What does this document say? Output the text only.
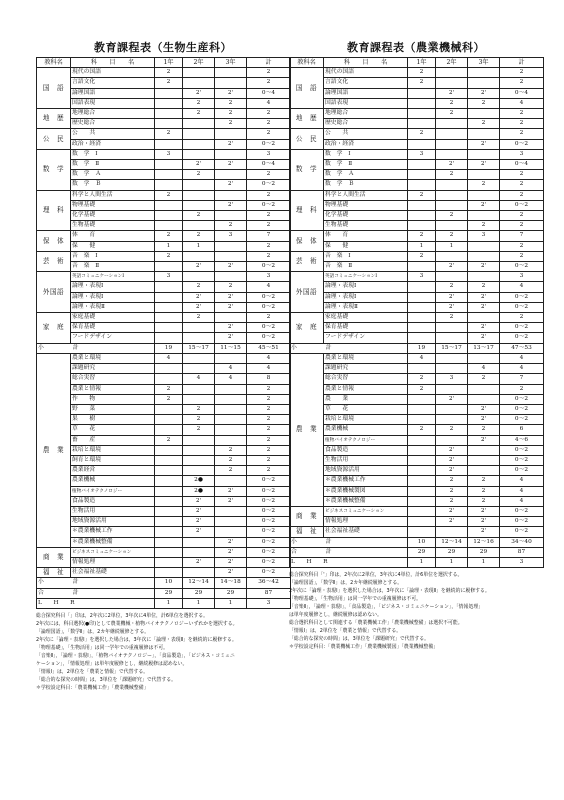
教育課程表（生物生産科）
教科名	科　　目　　名	1年	2年	3年	計
国　語	現代の国語	2			2
	言語文化	2			2
	論理国語		2'	2'	0～4
	国語表現		2	2	4
地　歴	地理総合		2	2	2
	歴史総合			2	2
公　民	公　　共	2			2
	政治・経済			2'	0～2
数　学	数　学　Ⅰ	3			3
	数　学　Ⅱ		2'	2'	0～4
	数　学　Ａ		2		2
	数　学　Ｂ			2'	0～2
理　科	科学と人間生活	2			2
	物理基礎			2'	0～2
	化学基礎		2		2
	生物基礎			2	2
保　体	体　　育	2	2	3	7
	保　　健	1	1		2
芸　術	音　楽　Ⅰ	2			2
	音　楽　Ⅱ		2'	2'	0～2
外国語	英語コミュニケーションⅠ	3			3
	論理・表現Ⅰ		2	2	4
	論理・表現Ⅰ		2'	2'	0～2
	論理・表現Ⅱ		2'	2'	0～2
家　庭	家庭基礎		2		2
	保育基礎			2'	0～2
	フードデザイン			2'	0～2
小　　　　　計		19	15～17	11～15	45～51
農　業	農業と環境	4			4
	課題研究			4	4
	総合実習		4	4	8
	農業と情報	2			2
	作　　物	2			2
	野　　菜		2		2
	果　　樹		2		2
	草　　花		2		2
	畜　　産	2			2
	栽培と環境			2	2
	飼育と環境			2	2
	農業経営			2	2
	農業機械		2●		0～2
	植物バイオテクノロジー		2●	2'	0～2
	食品製造		2'	2'	0～2
	生物活用		2'		0～2
	地域資源活用		2'		0～2
	＊農業機械工作		2'		0～2
	＊農業機械整備			2'	0～2
商　業	ビジネスコミュニケーション			2'	0～2
	情報処理		2'	2'	0～2
福　祉	社会福祉基礎			2'	0～2
小　　　　　計		10	12～14	14～18	36～42
合　　　　　計		29	29	29	87
L　　H　　R		1	1	1	3
総合探究科目「」印は，2年次に2単位，3年次に4単位，計6単位を選択する。
2年次には，科目選択(●印)として農業機械・植物バイオテクノロジーいずれかを選択する。
「論理国語」，「数学Ⅱ」は，2カ年継続履修とする。
2年次に「論理・表現Ⅰ」を選択した場合は，3年次に「論理・表現Ⅱ」を継続的に履修する。
「物理基礎」，「生物活用」は同一学年での重複履修は不可。
「音楽Ⅱ」，「論理・表現Ⅰ」，「植物バイオテクノロジー」，「食品製造」，「ビジネス・コミュニ
ケーション」，「情報処理」は単年度履修とし，継続履修は認めない。
「情報Ⅰ」は，2単位を「農業と情報」で代替する。
「総合的な探究の時間」は，3単位を「課題研究」で代替する。
＊学校設定科目：「農業機械工作」「農業機械整備」
教育課程表（農業機械科）
教科名	科　　目　　名	1年	2年	3年	計
国　語	現代の国語	2			2
	言語文化	2			2
	論理国語		2'	2'	0～4
	国語表現		2	2	4
地　歴	地理総合		2		2
	歴史総合			2	2
公　民	公　　共	2			2
	政治・経済			2'	0～2
数　学	数　学　Ⅰ	3			3
	数　学　Ⅱ		2'	2'	0～4
	数　学　Ａ		2		2
	数　学　Ｂ			2	2
理　科	科学と人間生活	2			2
	物理基礎			2'	0～2
	化学基礎		2		2
	生物基礎			2	2
保　体	体　　育	2	2	3	7
	保　　健	1	1		2
芸　術	音　楽　Ⅰ	2			2
	音　楽　Ⅱ		2'	2'	0～2
外国語	英語コミュニケーションⅠ	3			3
	論理・表現Ⅰ		2	2	4
	論理・表現Ⅰ		2'	2'	0～2
	論理・表現Ⅱ		2'	2'	0～2
家　庭	家庭基礎		2		2
	保育基礎			2'	0～2
	フードデザイン			2'	0～2
小　　　　　計		19	15～17	13～17	47～53
農　業	農業と環境	4			4
	課題研究			4	4
	総合実習	2	3	2	7
	農業と情報	2			2
	農　　業		2'		0～2
	草　　花			2'	0～2
	栽培と環境			2'	0～2
	農業機械	2	2	2	6
	植物バイオテクノロジー			2'	4～6
	食品製造		2'		0～2
	生物活用		2'		0～2
	地域資源活用		2'		0～2
	＊農業機械工作		2	2	4
	＊農業機械製図		2	2	4
	＊農業機械整備		2	2	4
商　業	ビジネスコミュニケーション		2'	2'	0～2
	情報処理		2'	2'	0～2
福　祉	社会福祉基礎			2'	0～2
小　　　　　計		10	12～14	12～16	34～40
合　　　　　計		29	29	29	87
L　　H　　R		1	1	1	3
総合探究科目「'」印は，2年次に2単位，3年次に4単位，計6単位を選択する。
「論理国語」，「数学Ⅱ」は，2カ年継続履修とする。
2年次に「論理・表現Ⅰ」を選択した場合は，3年次に「論理・表現Ⅱ」を継続的に履修する。
「物理基礎」，「生物活用」は同一学年での重複履修は不可。
「音楽Ⅱ」，「論理・表現Ⅰ」，「食品製造」，「ビジネス・コミュニケーション」，「情報処理」
は単年度履修とし，継続履修は認めない。
総合選択科目として関連する「農業機械工作」「農業機械整備」は選択不可能。
「情報Ⅰ」は，2単位を「農業と情報」で代替する。
「総合的な探究の時間」は，3単位を「課題研究」で代替する。
＊学校設定科目：「農業機械工作」「農業機械製図」「農業機械整備」
